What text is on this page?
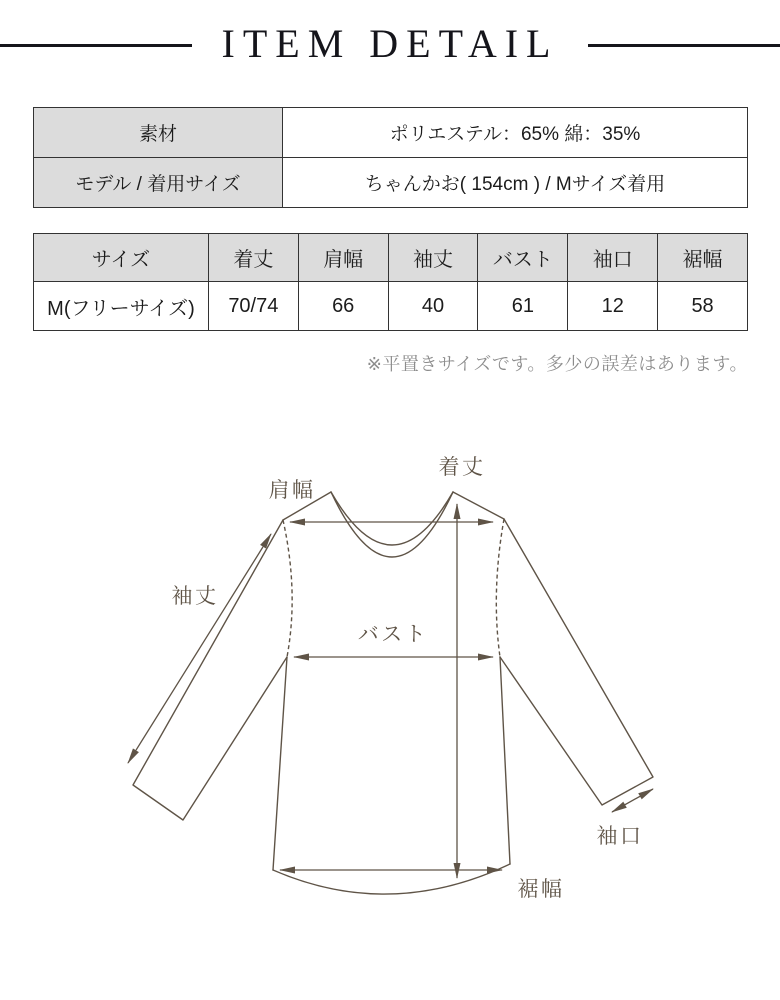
ITEM DETAIL
素材	ポリエステル：65% 綿：35%
モデル / 着用サイズ	ちゃんかお( 154cm ) / Mサイズ着用
サイズ	着丈	肩幅	袖丈	バスト	袖口	裾幅
M(フリーサイズ)	70/74	66	40	61	12	58

※平置きサイズです。多少の誤差はあります。

着丈
肩幅
袖丈
バスト
袖口
裾幅
